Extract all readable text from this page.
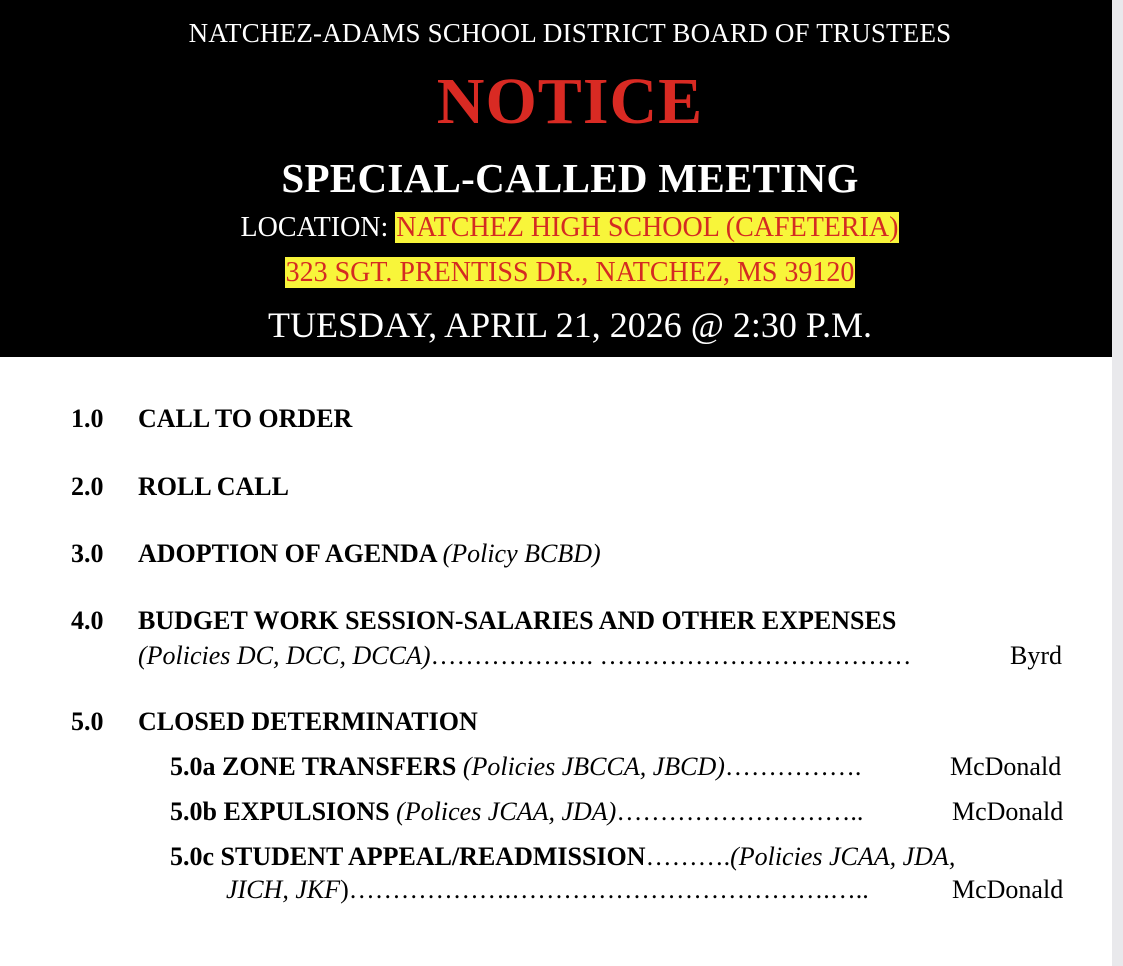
NATCHEZ-ADAMS SCHOOL DISTRICT BOARD OF TRUSTEES
NOTICE
SPECIAL-CALLED MEETING
LOCATION: NATCHEZ HIGH SCHOOL (CAFETERIA)
323 SGT. PRENTISS DR., NATCHEZ, MS 39120
TUESDAY, APRIL 21, 2026 @ 2:30 P.M.
1.0 CALL TO ORDER
2.0 ROLL CALL
3.0 ADOPTION OF AGENDA (Policy BCBD)
4.0 BUDGET WORK SESSION-SALARIES AND OTHER EXPENSES
(Policies DC, DCC, DCCA)………………. ………………………………	Byrd
5.0 CLOSED DETERMINATION
5.0a ZONE TRANSFERS (Policies JBCCA, JBCD)…………….	McDonald
5.0b EXPULSIONS (Polices JCAA, JDA)………………………..	McDonald
5.0c STUDENT APPEAL/READMISSION……….(Policies JCAA, JDA,
JICH, JKF)……………….……………………………….…..	McDonald
